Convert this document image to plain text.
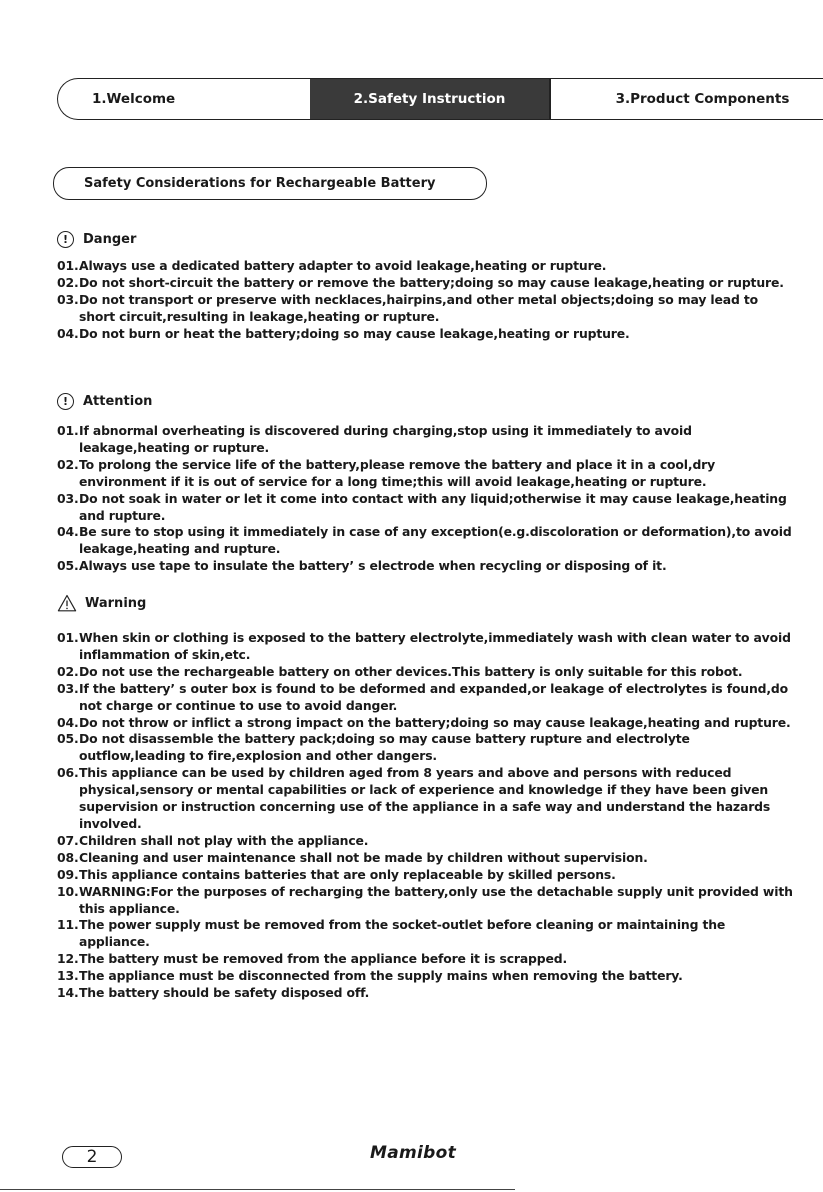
1.Welcome	2.Safety Instruction	3.Product Components
Safety Considerations for Rechargeable Battery
!	Danger
01. Always use a dedicated battery adapter to avoid leakage,heating or rupture.
02. Do not short-circuit the battery or remove the battery;doing so may cause leakage,heating or rupture.
03. Do not transport or preserve with necklaces,hairpins,and other metal objects;doing so may lead to short circuit,resulting in leakage,heating or rupture.
04. Do not burn or heat the battery;doing so may cause leakage,heating or rupture.
!	Attention
01. If abnormal overheating is discovered during charging,stop using it immediately to avoid leakage,heating or rupture.
02. To prolong the service life of the battery,please remove the battery and place it in a cool,dry environment if it is out of service for a long time;this will avoid leakage,heating or rupture.
03. Do not soak in water or let it come into contact with any liquid;otherwise it may cause leakage,heating and rupture.
04. Be sure to stop using it immediately in case of any exception(e.g.discoloration or deformation),to avoid leakage,heating and rupture.
05. Always use tape to insulate the battery’ s electrode when recycling or disposing of it.
Warning
01. When skin or clothing is exposed to the battery electrolyte,immediately wash with clean water to avoid inflammation of skin,etc.
02. Do not use the rechargeable battery on other devices.This battery is only suitable for this robot.
03. If the battery’ s outer box is found to be deformed and expanded,or leakage of electrolytes is found,do not charge or continue to use to avoid danger.
04. Do not throw or inflict a strong impact on the battery;doing so may cause leakage,heating and rupture.
05. Do not disassemble the battery pack;doing so may cause battery rupture and electrolyte outflow,leading to fire,explosion and other dangers.
06. This appliance can be used by children aged from 8 years and above and persons with reduced physical,sensory or mental capabilities or lack of experience and knowledge if they have been given supervision or instruction concerning use of the appliance in a safe way and understand the hazards involved.
07. Children shall not play with the appliance.
08. Cleaning and user maintenance shall not be made by children without supervision.
09. This appliance contains batteries that are only replaceable by skilled persons.
10. WARNING:For the purposes of recharging the battery,only use the detachable supply unit provided with this appliance.
11. The power supply must be removed from the socket-outlet before cleaning or maintaining the appliance.
12. The battery must be removed from the appliance before it is scrapped.
13. The appliance must be disconnected from the supply mains when removing the battery.
14. The battery should be safety disposed off.
2	Mamibot
